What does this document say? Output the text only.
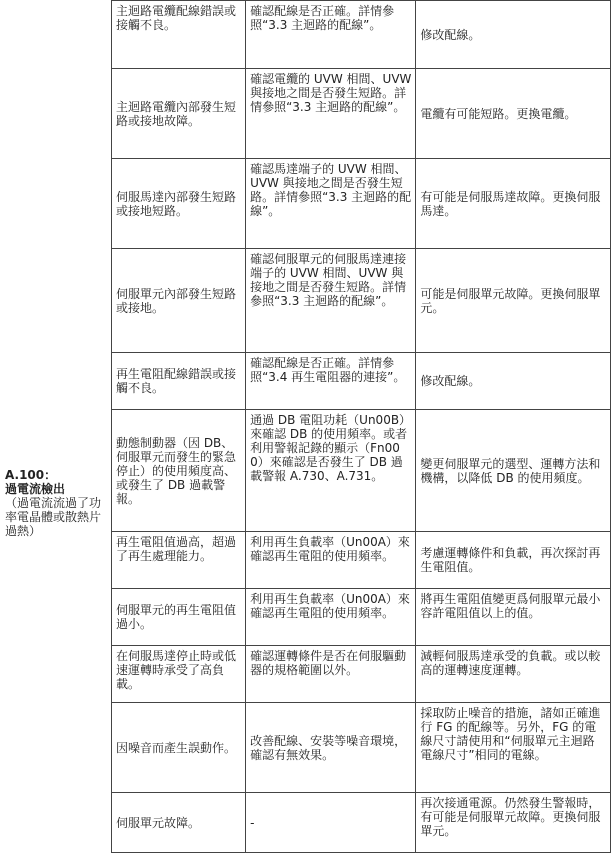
A.100：
過電流檢出
（過電流流過了功率電晶體或散熱片過熱）
主迴路電纜配線錯誤或接觸不良。	確認配線是否正確。詳情參照“3.3 主迴路的配線”。	修改配線。
主迴路電纜內部發生短路或接地故障。	確認電纜的 UVW 相間、UVW 與接地之間是否發生短路。詳情參照“3.3 主迴路的配線”。	電纜有可能短路。更換電纜。
伺服馬達內部發生短路或接地短路。	確認馬達端子的 UVW 相間、UVW 與接地之間是否發生短路。詳情參照“3.3 主迴路的配線”。	有可能是伺服馬達故障。更換伺服馬達。
伺服單元內部發生短路或接地。	確認伺服單元的伺服馬達連接端子的 UVW 相間、UVW 與接地之間是否發生短路。詳情參照“3.3 主迴路的配線”。	可能是伺服單元故障。更換伺服單元。
再生電阻配線錯誤或接觸不良。	確認配線是否正確。詳情參照“3.4 再生電阻器的連接”。	修改配線。
動態制動器（因 DB、伺服單元而發生的緊急停止）的使用頻度高、或發生了 DB 過載警報。	通過 DB 電阻功耗（Un00B）來確認 DB 的使用頻率。或者利用警報記錄的顯示（Fn000）來確認是否發生了 DB 過載警報 A.730、A.731。	變更伺服單元的選型、運轉方法和機構，以降低 DB 的使用頻度。
再生電阻值過高，超過了再生處理能力。	利用再生負載率（Un00A）來確認再生電阻的使用頻率。	考慮運轉條件和負載，再次探討再生電阻值。
伺服單元的再生電阻值過小。	利用再生負載率（Un00A）來確認再生電阻的使用頻率。	將再生電阻值變更爲伺服單元最小容許電阻值以上的值。
在伺服馬達停止時或低速運轉時承受了高負載。	確認運轉條件是否在伺服驅動器的規格範圍以外。	減輕伺服馬達承受的負載。或以較高的運轉速度運轉。
因噪音而產生誤動作。	改善配線、安裝等噪音環境，確認有無效果。	採取防止噪音的措施，諸如正確進行 FG 的配線等。另外，FG 的電線尺寸請使用和“伺服單元主迴路電線尺寸”相同的電線。
伺服單元故障。	-	再次接通電源。仍然發生警報時，有可能是伺服單元故障。更換伺服單元。
